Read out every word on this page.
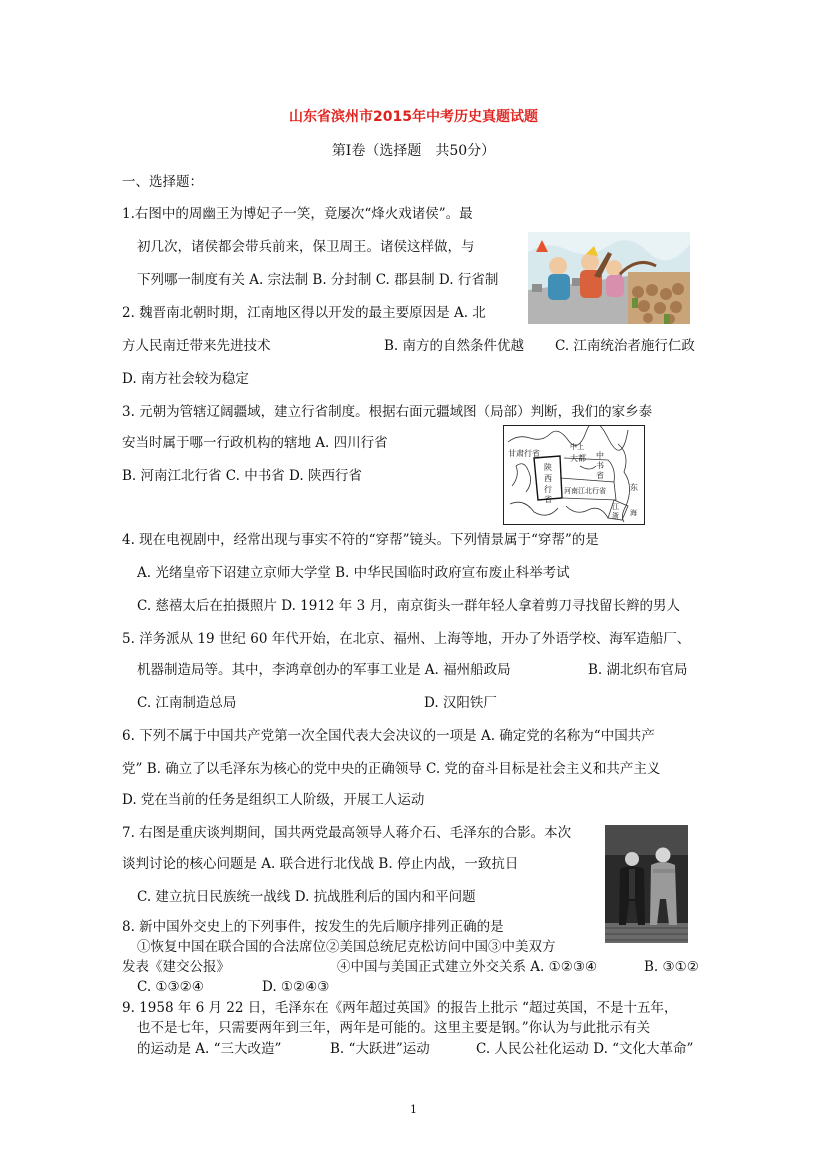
山东省滨州市2015年中考历史真题试题
第Ⅰ卷（选择题　共50分）
一、选择题：
1.右图中的周幽王为博妃子一笑，竟屡次“烽火戏诸侯”。最
初几次，诸侯都会带兵前来，保卫周王。诸侯这样做，与
下列哪一制度有关 A. 宗法制 B. 分封制 C. 郡县制 D. 行省制
2. 魏晋南北朝时期，江南地区得以开发的最主要原因是 A. 北
方人民南迁带来先进技术	B. 南方的自然条件优越 C. 江南统治者施行仁政
D. 南方社会较为稳定
3. 元朝为管辖辽阔疆域，建立行省制度。根据右面元疆域图（局部）判断，我们的家乡泰
安当时属于哪一行政机构的辖地 A. 四川行省
B. 河南江北行省 C. 中书省 D. 陕西行省
甘肃行省
中上
大都
陕
西
行
省
中
书
省
河南江北行省	东
江
浙 海
4. 现在电视剧中，经常出现与事实不符的“穿帮”镜头。下列情景属于“穿帮”的是
A. 光绪皇帝下诏建立京师大学堂 B. 中华民国临时政府宣布废止科举考试
C. 慈禧太后在拍摄照片 D. 1912 年 3 月，南京街头一群年轻人拿着剪刀寻找留长辫的男人
5. 洋务派从 19 世纪 60 年代开始，在北京、福州、上海等地，开办了外语学校、海军造船厂、
机器制造局等。其中，李鸿章创办的军事工业是 A. 福州船政局	B. 湖北织布官局
C. 江南制造总局	D. 汉阳铁厂
6. 下列不属于中国共产党第一次全国代表大会决议的一项是 A. 确定党的名称为“中国共产
党” B. 确立了以毛泽东为核心的党中央的正确领导 C. 党的奋斗目标是社会主义和共产主义
D. 党在当前的任务是组织工人阶级，开展工人运动
7. 右图是重庆谈判期间，国共两党最高领导人蒋介石、毛泽东的合影。本次
谈判讨论的核心问题是 A. 联合进行北伐战 B. 停止内战，一致抗日
C. 建立抗日民族统一战线 D. 抗战胜利后的国内和平问题
8. 新中国外交史上的下列事件，按发生的先后顺序排列正确的是
①恢复中国在联合国的合法席位②美国总统尼克松访问中国③中美双方
发表《建交公报》	④中国与美国正式建立外交关系 A. ①②③④	B. ③①②
C. ①③②④	D. ①②④③
9. 1958 年 6 月 22 日，毛泽东在《两年超过英国》的报告上批示 “超过英国，不是十五年，
也不是七年，只需要两年到三年，两年是可能的。这里主要是钢。”你认为与此批示有关
的运动是 A. “三大改造”	B. “大跃进”运动	C. 人民公社化运动 D. “文化大革命”
1
